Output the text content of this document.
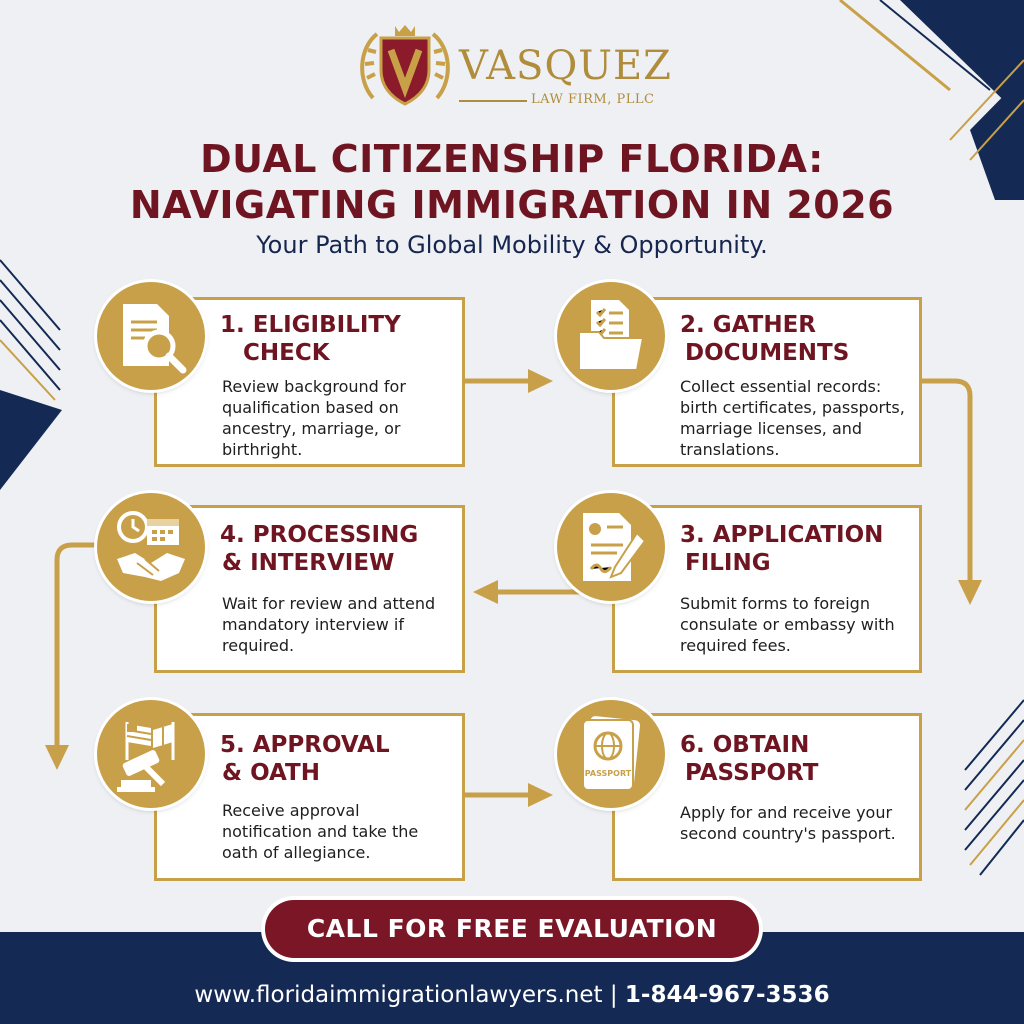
VASQUEZ
LAW FIRM, PLLC
DUAL CITIZENSHIP FLORIDA:
NAVIGATING IMMIGRATION IN 2026
Your Path to Global Mobility & Opportunity.
1. ELIGIBILITY
CHECK
Review background for qualification based on ancestry, marriage, or birthright.
2. GATHER
DOCUMENTS
Collect essential records: birth certificates, passports, marriage licenses, and translations.
4. PROCESSING
& INTERVIEW
Wait for review and attend mandatory interview if required.
3. APPLICATION
FILING
Submit forms to foreign consulate or embassy with required fees.
5. APPROVAL
& OATH
Receive approval notification and take the oath of allegiance.
6. OBTAIN
PASSPORT
Apply for and receive your second country's passport.
PASSPORT
CALL FOR FREE EVALUATION
www.floridaimmigrationlawyers.net | 1-844-967-3536
